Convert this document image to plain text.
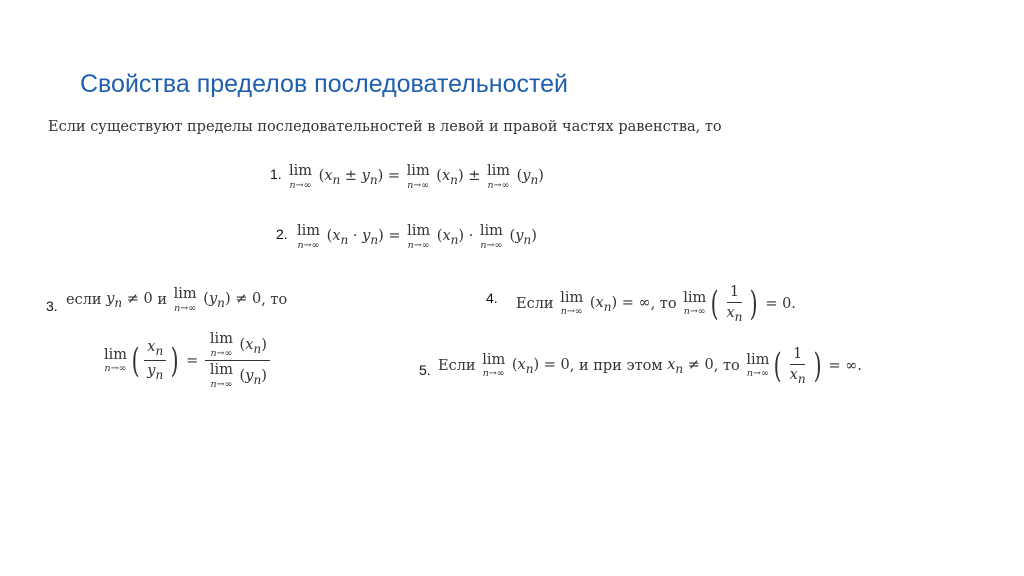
Свойства пределов последовательностей
Если существуют пределы последовательностей в левой и правой частях равенства, то
1. lim
n→∞
$(x_n \pm y_n) = \lim$
n→∞
$(x_n) \pm \lim$
n→∞
$(y_n)$
2. lim
n→∞
$(x_n \cdot y_n) = \lim$
n→∞
$(x_n) \cdot \lim$
n→∞
$(y_n)$
3. если $y_n \ne 0$ и
lim
n→∞
$(y_n) \ne 0$ , то
lim
n→∞ ( $\frac{x_n}{y_n}$ ) = lim
n→∞ $(x_n)$
lim
n→∞ $(y_n)$
4. Если
lim
n→∞
$(x_n)$ = ∞ , то
lim
n→∞ ( $\frac{1}{x_n}$ ) = 0.
5. Если
lim
n→∞
$(x_n) = 0$ , и при этом $x_n \ne 0$ , то
lim
n→∞ ( $\frac{1}{x_n}$ ) = ∞.
